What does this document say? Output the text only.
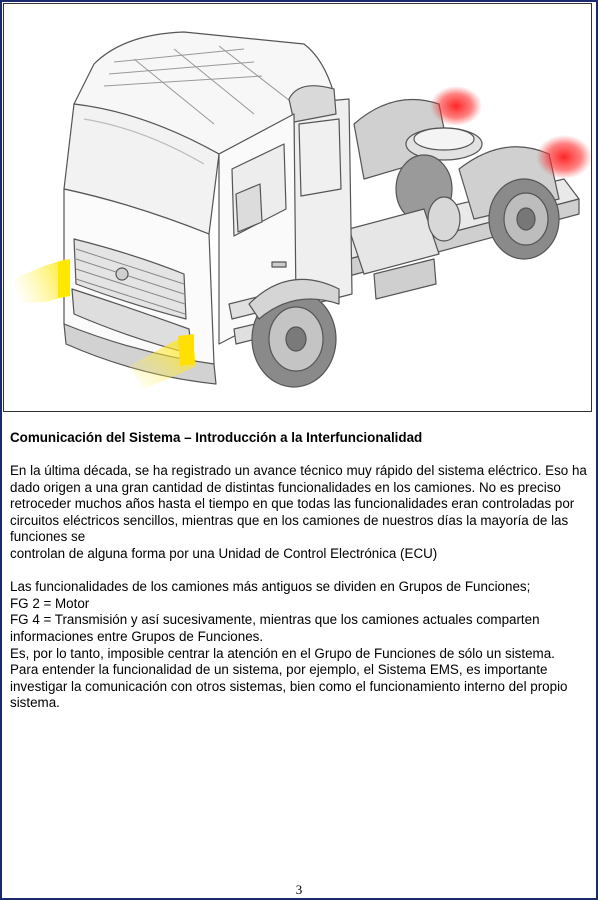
Comunicación del Sistema – Introducción a la Interfuncionalidad

En la última década, se ha registrado un avance técnico muy rápido del sistema eléctrico. Eso ha dado origen a una gran cantidad de distintas funcionalidades en los camiones. No es preciso retroceder muchos años hasta el tiempo en que todas las funcionalidades eran controladas por circuitos eléctricos sencillos, mientras que en los camiones de nuestros días la mayoría de las funciones se

controlan de alguna forma por una Unidad de Control Electrónica (ECU)

Las funcionalidades de los camiones más antiguos se dividen en Grupos de Funciones;

FG 2 = Motor

FG 4 = Transmisión y así sucesivamente, mientras que los camiones actuales comparten informaciones entre Grupos de Funciones.

Es, por lo tanto, imposible centrar la atención en el Grupo de Funciones de sólo un sistema.

Para entender la funcionalidad de un sistema, por ejemplo, el Sistema EMS, es importante investigar la comunicación con otros sistemas, bien como el funcionamiento interno del propio sistema.

3
